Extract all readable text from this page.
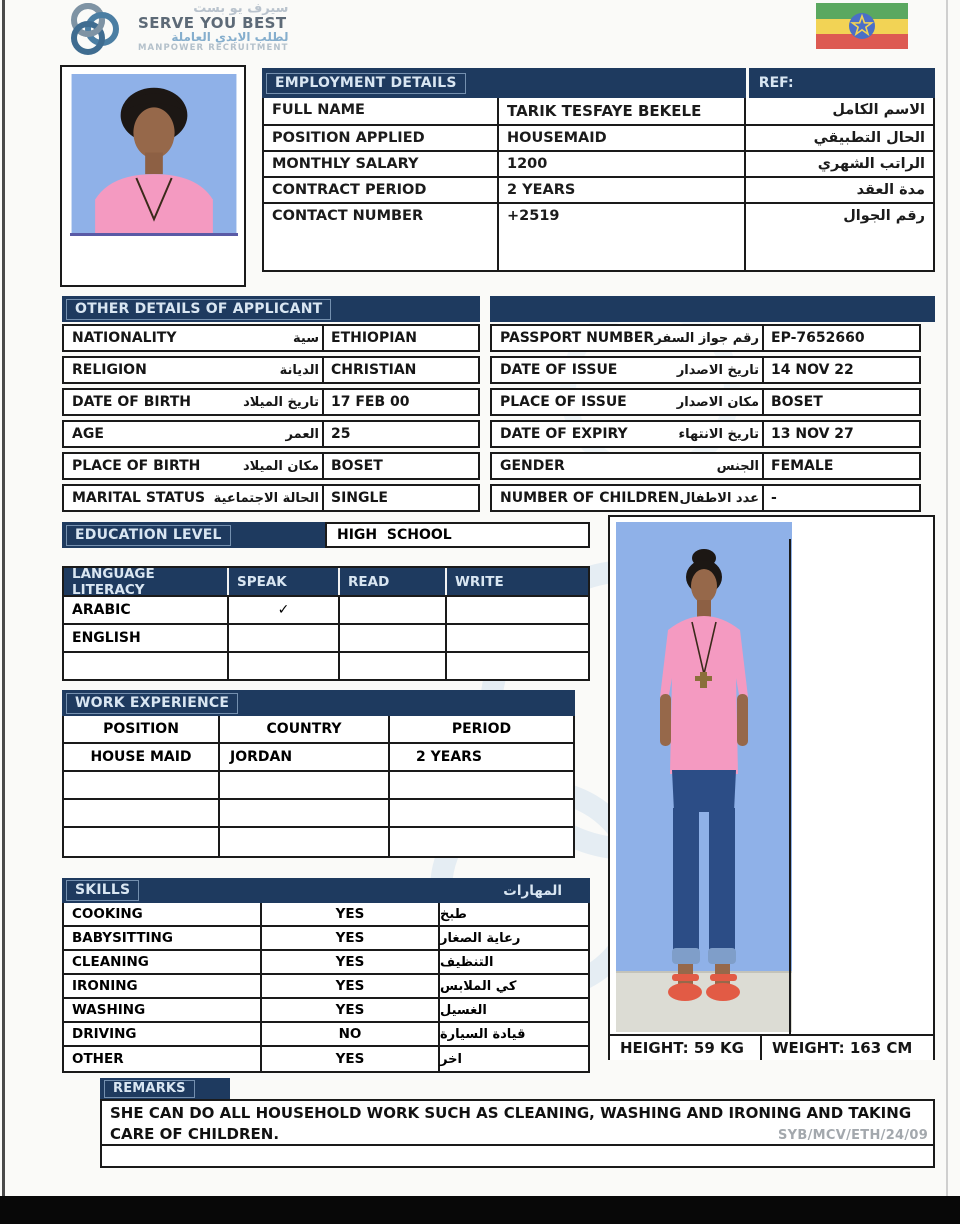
سيرف يو بست
SERVE YOU BEST
لطلب الايدي العاملة
MANPOWER RECRUITMENT
EMPLOYMENT DETAILS	REF:
FULL NAME	TARIK TESFAYE BEKELE	الاسم الكامل
POSITION APPLIED	HOUSEMAID	الحال التطبيقي
MONTHLY SALARY	1200	الراتب الشهري
CONTRACT PERIOD	2 YEARS	مدة العقد
CONTACT NUMBER	+2519	رقم الجوال
OTHER DETAILS OF APPLICANT
NATIONALITY	سية ETHIOPIAN
RELIGION	الديانة CHRISTIAN
DATE OF BIRTH	تاريخ الميلاد 17 FEB 00
AGE	العمر 25
PLACE OF BIRTH	مكان الميلاد BOSET
MARITAL STATUS الحالة الاجتماعية SINGLE
PASSPORT NUMBER رقم جواز السفر EP-7652660
DATE OF ISSUE	تاريخ الاصدار 14 NOV 22
PLACE OF ISSUE	مكان الاصدار BOSET
DATE OF EXPIRY	تاريخ الانتهاء 13 NOV 27
GENDER	الجنس FEMALE
NUMBER OF CHILDREN عدد الاطفال -
EDUCATION LEVEL	HIGH  SCHOOL
LANGUAGE LITERACY	SPEAK	READ	WRITE
ARABIC	✓
ENGLISH
WORK EXPERIENCE
POSITION	COUNTRY	PERIOD
HOUSE MAID	JORDAN	2 YEARS
SKILLS	المهارات
COOKING	YES	طبخ
BABYSITTING	YES	رعاية الصغار
CLEANING	YES	التنظيف
IRONING	YES	كي الملابس
WASHING	YES	الغسيل
DRIVING	NO	قيادة السيارة
OTHER	YES	اخر
HEIGHT: 59 KG	WEIGHT: 163 CM
REMARKS
SHE CAN DO ALL HOUSEHOLD WORK SUCH AS CLEANING, WASHING AND IRONING AND TAKING CARE OF CHILDREN.	SYB/MCV/ETH/24/09
